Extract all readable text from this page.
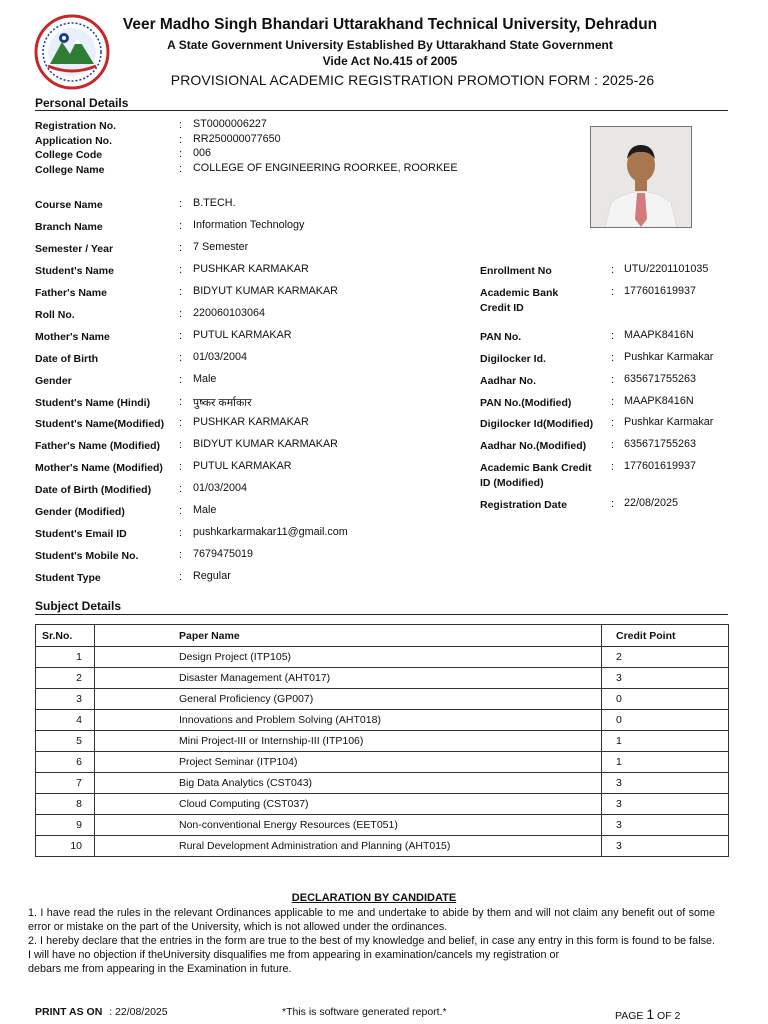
Veer Madho Singh Bhandari Uttarakhand Technical University, Dehradun
A State Government University Established By Uttarakhand State Government
Vide Act No.415 of 2005
PROVISIONAL ACADEMIC REGISTRATION PROMOTION FORM : 2025-26
Personal Details
Registration No.	: ST0000006227
Application No.	: RR250000077650
College Code	: 006
College Name	: COLLEGE OF ENGINEERING ROORKEE, ROORKEE
Course Name	: B.TECH.
Branch Name	: Information Technology
Semester / Year	: 7 Semester
Student's Name	: PUSHKAR KARMAKAR
Father's Name	: BIDYUT KUMAR KARMAKAR
Roll No.	: 220060103064
Mother's Name	: PUTUL KARMAKAR
Date of Birth	: 01/03/2004
Gender	: Male
Student's Name (Hindi)	: पुष्कर कर्माकार
Student's Name(Modified) : PUSHKAR KARMAKAR
Father's Name (Modified) : BIDYUT KUMAR KARMAKAR
Mother's Name (Modified) : PUTUL KARMAKAR
Date of Birth (Modified)	: 01/03/2004
Gender (Modified)	: Male
Student's Email ID	: pushkarkarmakar11@gmail.com
Student's Mobile No.	: 7679475019
Student Type	: Regular
Enrollment No	: UTU/2201101035
Academic Bank
Credit ID
: 177601619937
PAN No.	: MAAPK8416N
Digilocker Id.	: Pushkar Karmakar
Aadhar No.	: 635671755263
PAN No.(Modified)	: MAAPK8416N
Digilocker Id(Modified) : Pushkar Karmakar
Aadhar No.(Modified) : 635671755263
Academic Bank Credit
ID (Modified)
: 177601619937
Registration Date	: 22/08/2025
Subject Details
Sr.No.	Paper Name	Credit Point
1	Design Project (ITP105)	2
2	Disaster Management (AHT017)	3
3	General Proficiency (GP007)	0
4	Innovations and Problem Solving (AHT018)	0
5	Mini Project-III or Internship-III (ITP106)	1
6	Project Seminar (ITP104)	1
7	Big Data Analytics (CST043)	3
8	Cloud Computing (CST037)	3
9	Non-conventional Energy Resources (EET051)	3
10	Rural Development Administration and Planning (AHT015)	3
DECLARATION BY CANDIDATE

1. I have read the rules in the relevant Ordinances applicable to me and undertake to abide by them and will not claim any benefit out of some error or mistake on the part of the University, which is not allowed under the ordinances.

2. I hereby declare that the entries in the form are true to the best of my knowledge and belief, in case any entry in this form is found to be false. I will have no objection if theUniversity disqualifies me from appearing in examination/cancels my registration or

debars me from appearing in the Examination in future.

PRINT AS ON : 22/08/2025	*This is software generated report.*	PAGE 1 OF 2
